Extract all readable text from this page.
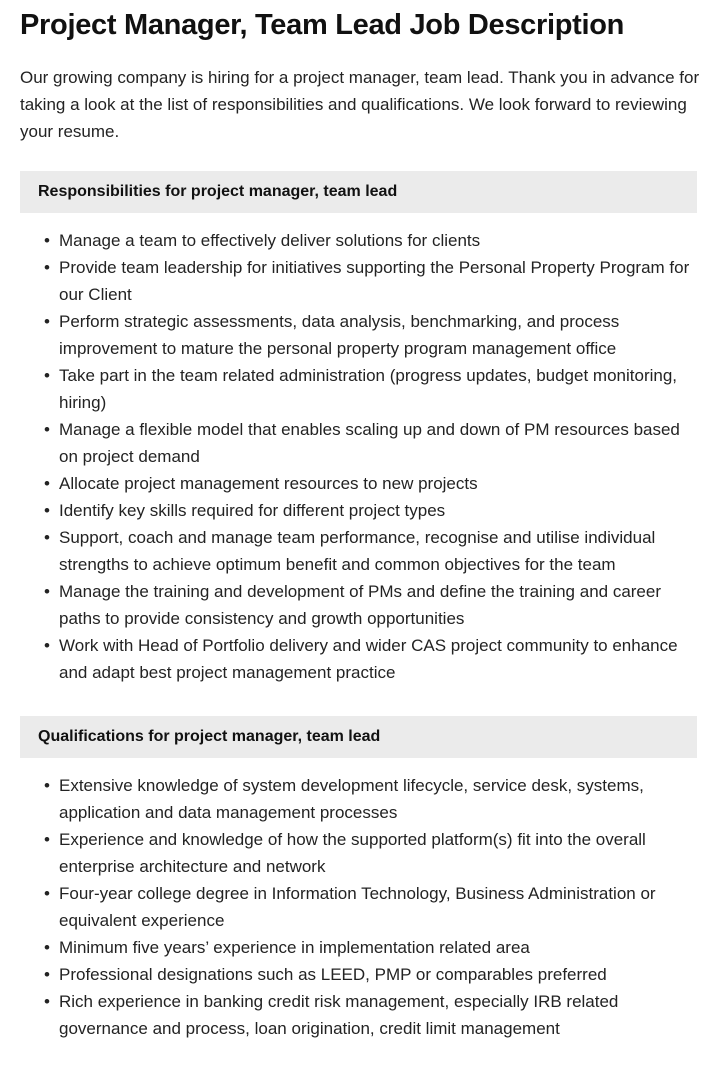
Project Manager, Team Lead Job Description

Our growing company is hiring for a project manager, team lead. Thank you in advance for taking a look at the list of responsibilities and qualifications. We look forward to reviewing your resume.

Responsibilities for project manager, team lead
• Manage a team to effectively deliver solutions for clients
• Provide team leadership for initiatives supporting the Personal Property Program for our Client
• Perform strategic assessments, data analysis, benchmarking, and process improvement to mature the personal property program management office
• Take part in the team related administration (progress updates, budget monitoring, hiring)
• Manage a flexible model that enables scaling up and down of PM resources based on project demand
• Allocate project management resources to new projects
• Identify key skills required for different project types
• Support, coach and manage team performance, recognise and utilise individual strengths to achieve optimum benefit and common objectives for the team
• Manage the training and development of PMs and define the training and career paths to provide consistency and growth opportunities
• Work with Head of Portfolio delivery and wider CAS project community to enhance and adapt best project management practice
Qualifications for project manager, team lead
• Extensive knowledge of system development lifecycle, service desk, systems, application and data management processes
• Experience and knowledge of how the supported platform(s) fit into the overall enterprise architecture and network
• Four-year college degree in Information Technology, Business Administration or equivalent experience
• Minimum five years’ experience in implementation related area
• Professional designations such as LEED, PMP or comparables preferred
• Rich experience in banking credit risk management, especially IRB related governance and process, loan origination, credit limit management
